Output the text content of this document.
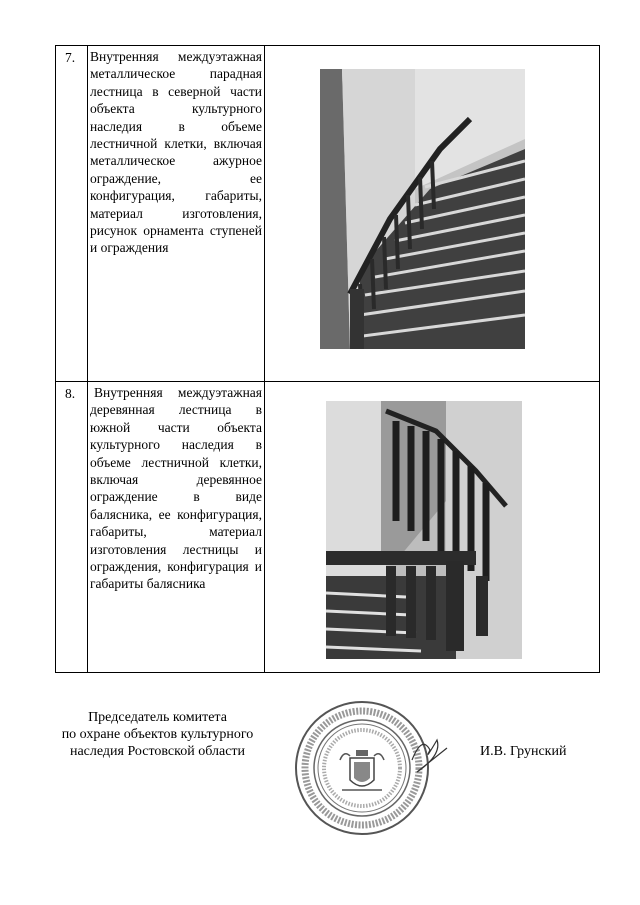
7. Внутренняя междуэтажная металлическое парадная лестница в северной части объекта культурного наследия в объеме лестничной клетки, включая металлическое ажурное ограждение, ее конфигурация, габариты, материал изготовления, рисунок орнамента ступеней и ограждения
8. Внутренняя междуэтажная деревянная лестница в южной части объекта культурного наследия в объеме лестничной клетки, включая деревянное ограждение в виде балясника, ее конфигурация, габариты, материал изготовления лестницы и ограждения, конфигурация и габариты балясника
Председатель комитета
по охране объектов культурного
наследия Ростовской области	И.В. Грунский
